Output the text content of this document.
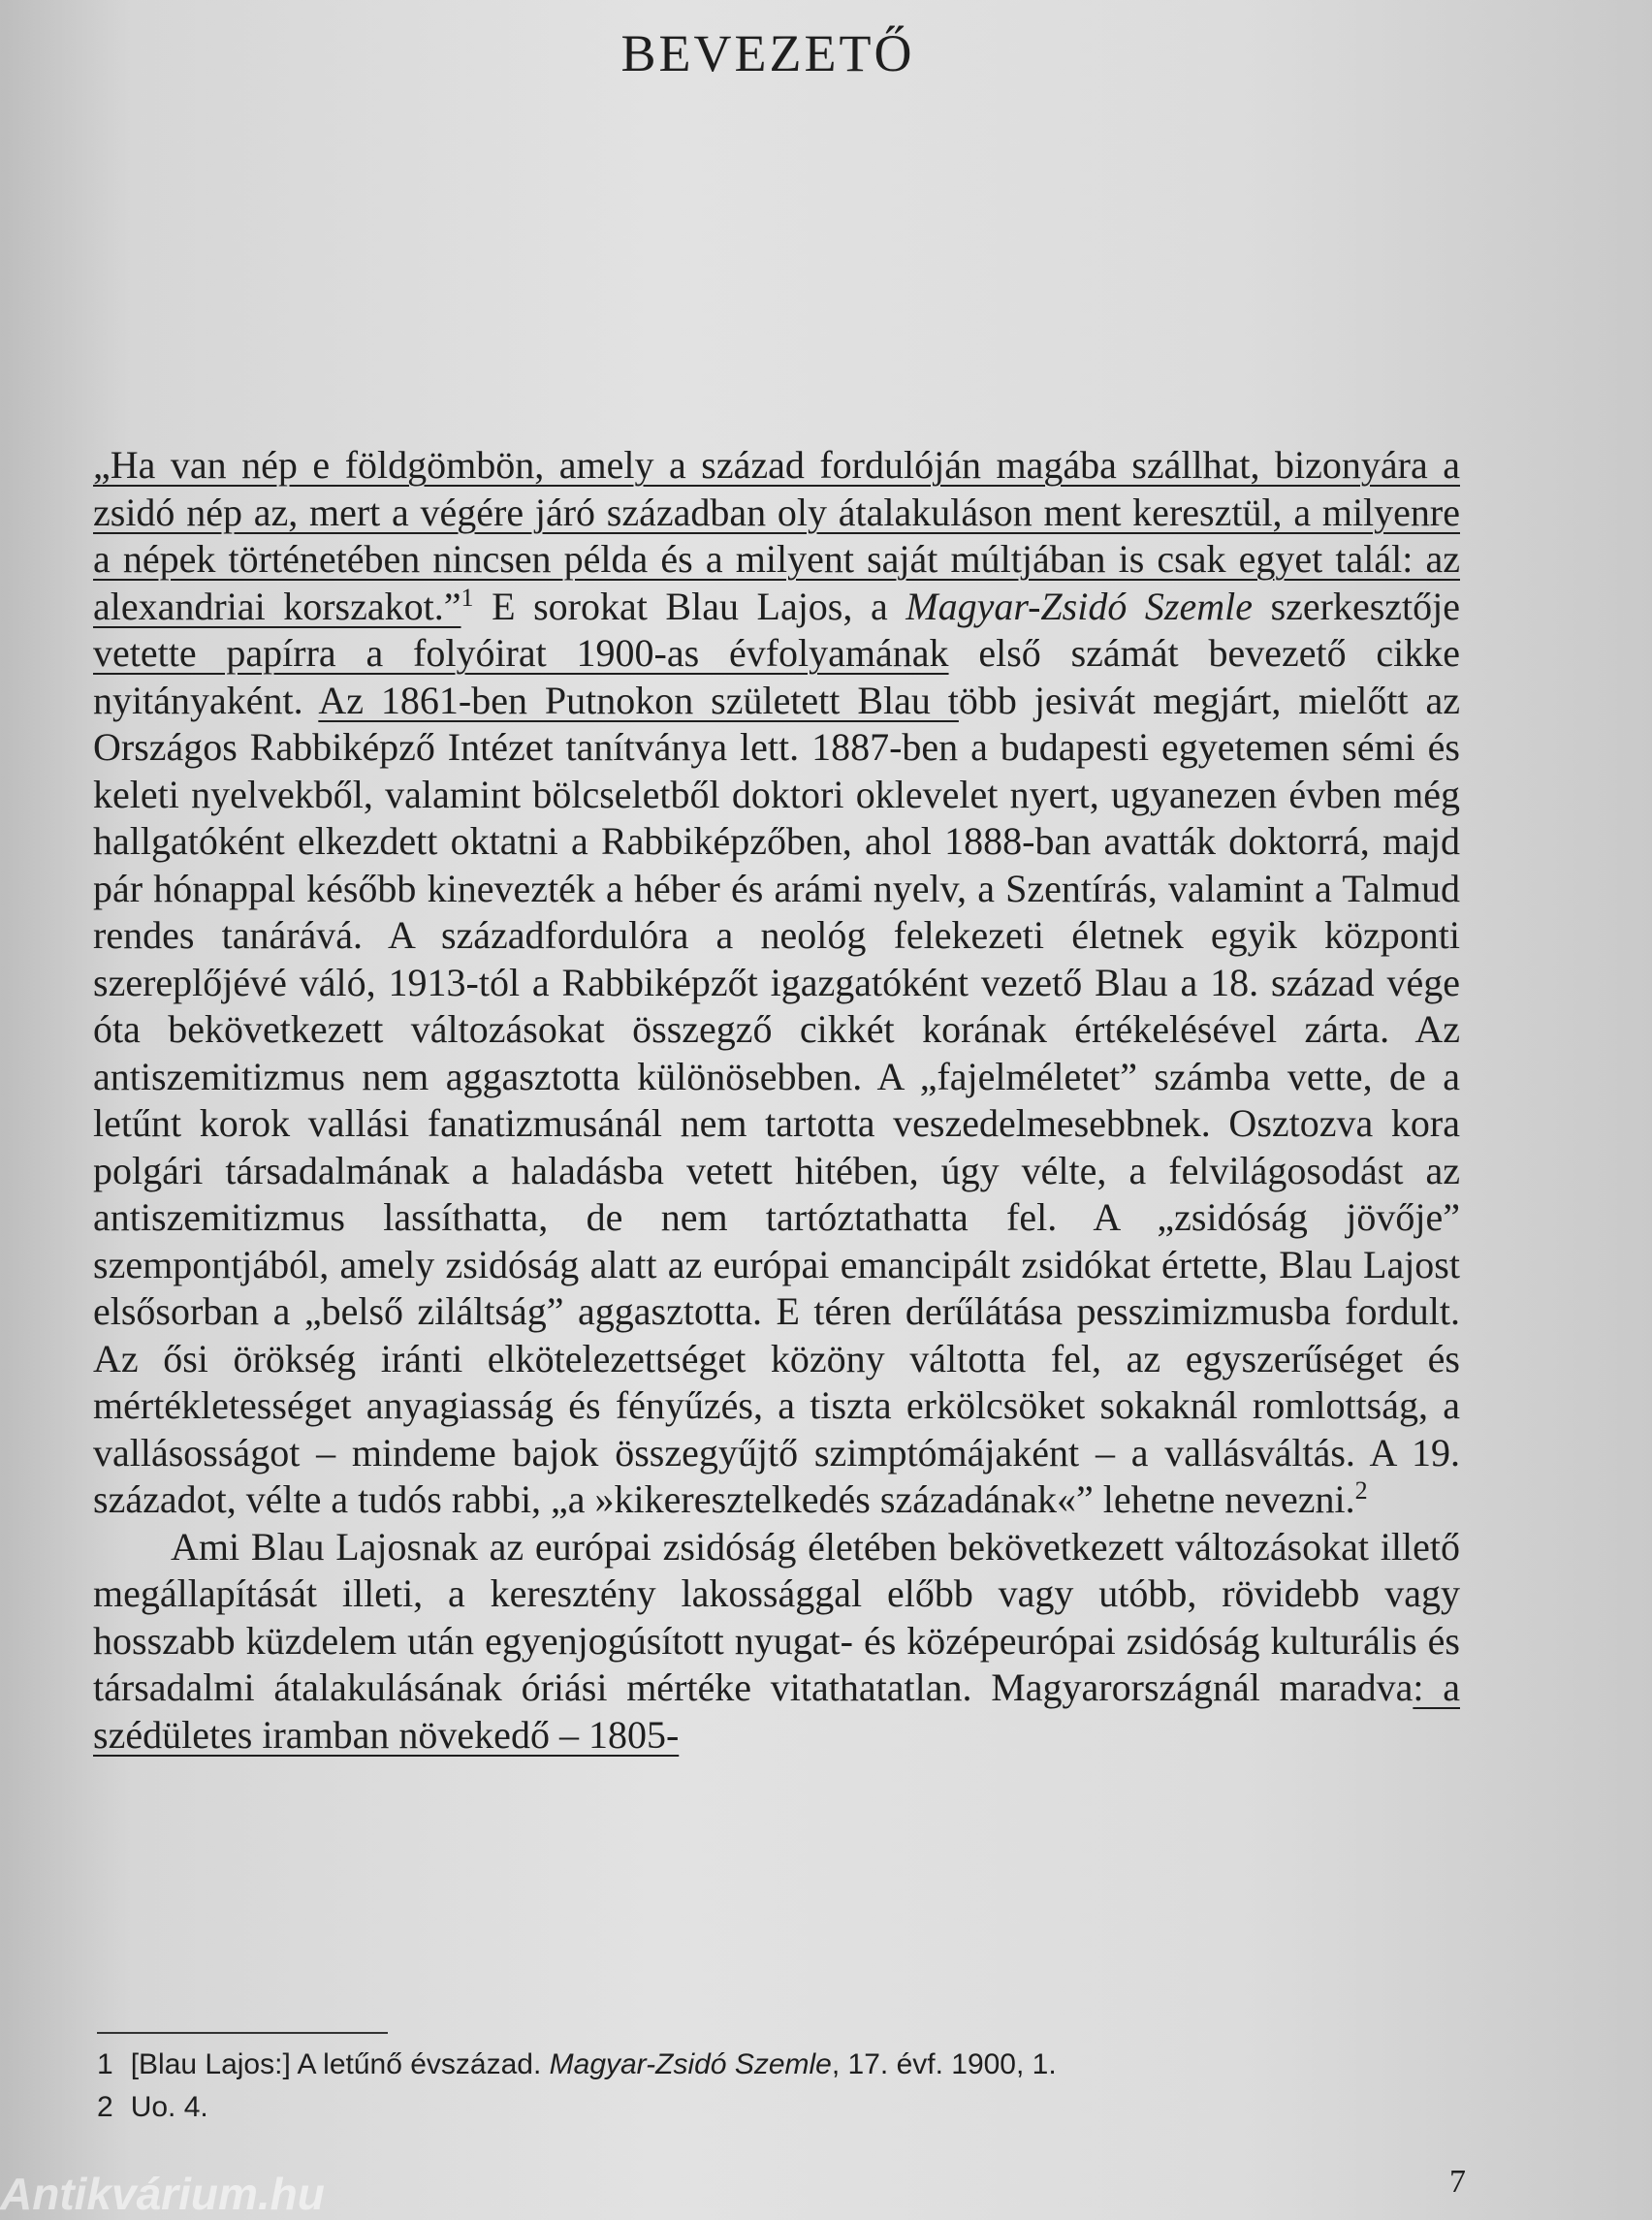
BEVEZETŐ

„Ha van nép e földgömbön, amely a század fordulóján magába szállhat, bizonyára a zsidó nép az, mert a végére járó században oly átalakuláson ment keresztül, a milyenre a népek történetében nincsen példa és a milyent saját múltjában is csak egyet talál: az alexandriai korszakot.”$^1$ E sorokat Blau Lajos, a Magyar-Zsidó Szemle szerkesztője vetette papírra a folyóirat 1900-as évfolyamának első számát bevezető cikke nyitányaként. Az 1861-ben Putnokon született Blau több jesivát megjárt, mielőtt az Országos Rabbiképző Intézet tanítványa lett. 1887-ben a budapesti egyetemen sémi és keleti nyelvekből, valamint bölcseletből doktori oklevelet nyert, ugyanezen évben még hallgatóként elkezdett oktatni a Rabbiképzőben, ahol 1888-ban avatták doktorrá, majd pár hónappal később kinevezték a héber és arámi nyelv, a Szentírás, valamint a Talmud rendes tanárává. A századfordulóra a neológ felekezeti életnek egyik központi szereplőjévé váló, 1913-tól a Rabbiképzőt igazgatóként vezető Blau a 18. század vége óta bekövetkezett változásokat összegző cikkét korának értékelésével zárta. Az antiszemitizmus nem aggasztotta különösebben. A „fajelméletet” számba vette, de a letűnt korok vallási fanatizmusánál nem tartotta veszedelmesebbnek. Osztozva kora polgári társadalmának a haladásba vetett hitében, úgy vélte, a felvilágosodást az antiszemitizmus lassíthatta, de nem tartóztathatta fel. A „zsidóság jövője” szempontjából, amely zsidóság alatt az európai emancipált zsidókat értette, Blau Lajost elsősorban a „belső ziláltság” aggasztotta. E téren derűlátása pesszimizmusba fordult. Az ősi örökség iránti elkötelezettséget közöny váltotta fel, az egyszerűséget és mértékletességet anyagiasság és fényűzés, a tiszta erkölcsöket sokaknál romlottság, a vallásosságot – mindeme bajok összegyűjtő szimptómájaként – a vallásváltás. A 19. századot, vélte a tudós rabbi, „a »kikeresztelkedés századának«” lehetne nevezni.$^2$

Ami Blau Lajosnak az európai zsidóság életében bekövetkezett változásokat illető megállapítását illeti, a keresztény lakossággal előbb vagy utóbb, rövidebb vagy hosszabb küzdelem után egyenjogúsított nyugat- és középeurópai zsidóság kulturális és társadalmi átalakulásának óriási mértéke vitathatatlan. Magyarországnál maradva: a szédületes iramban növekedő – 1805-

1 [Blau Lajos:] A letűnő évszázad. Magyar-Zsidó Szemle, 17. évf. 1900, 1.
2 Uo. 4.
Antikvárium.hu	7
